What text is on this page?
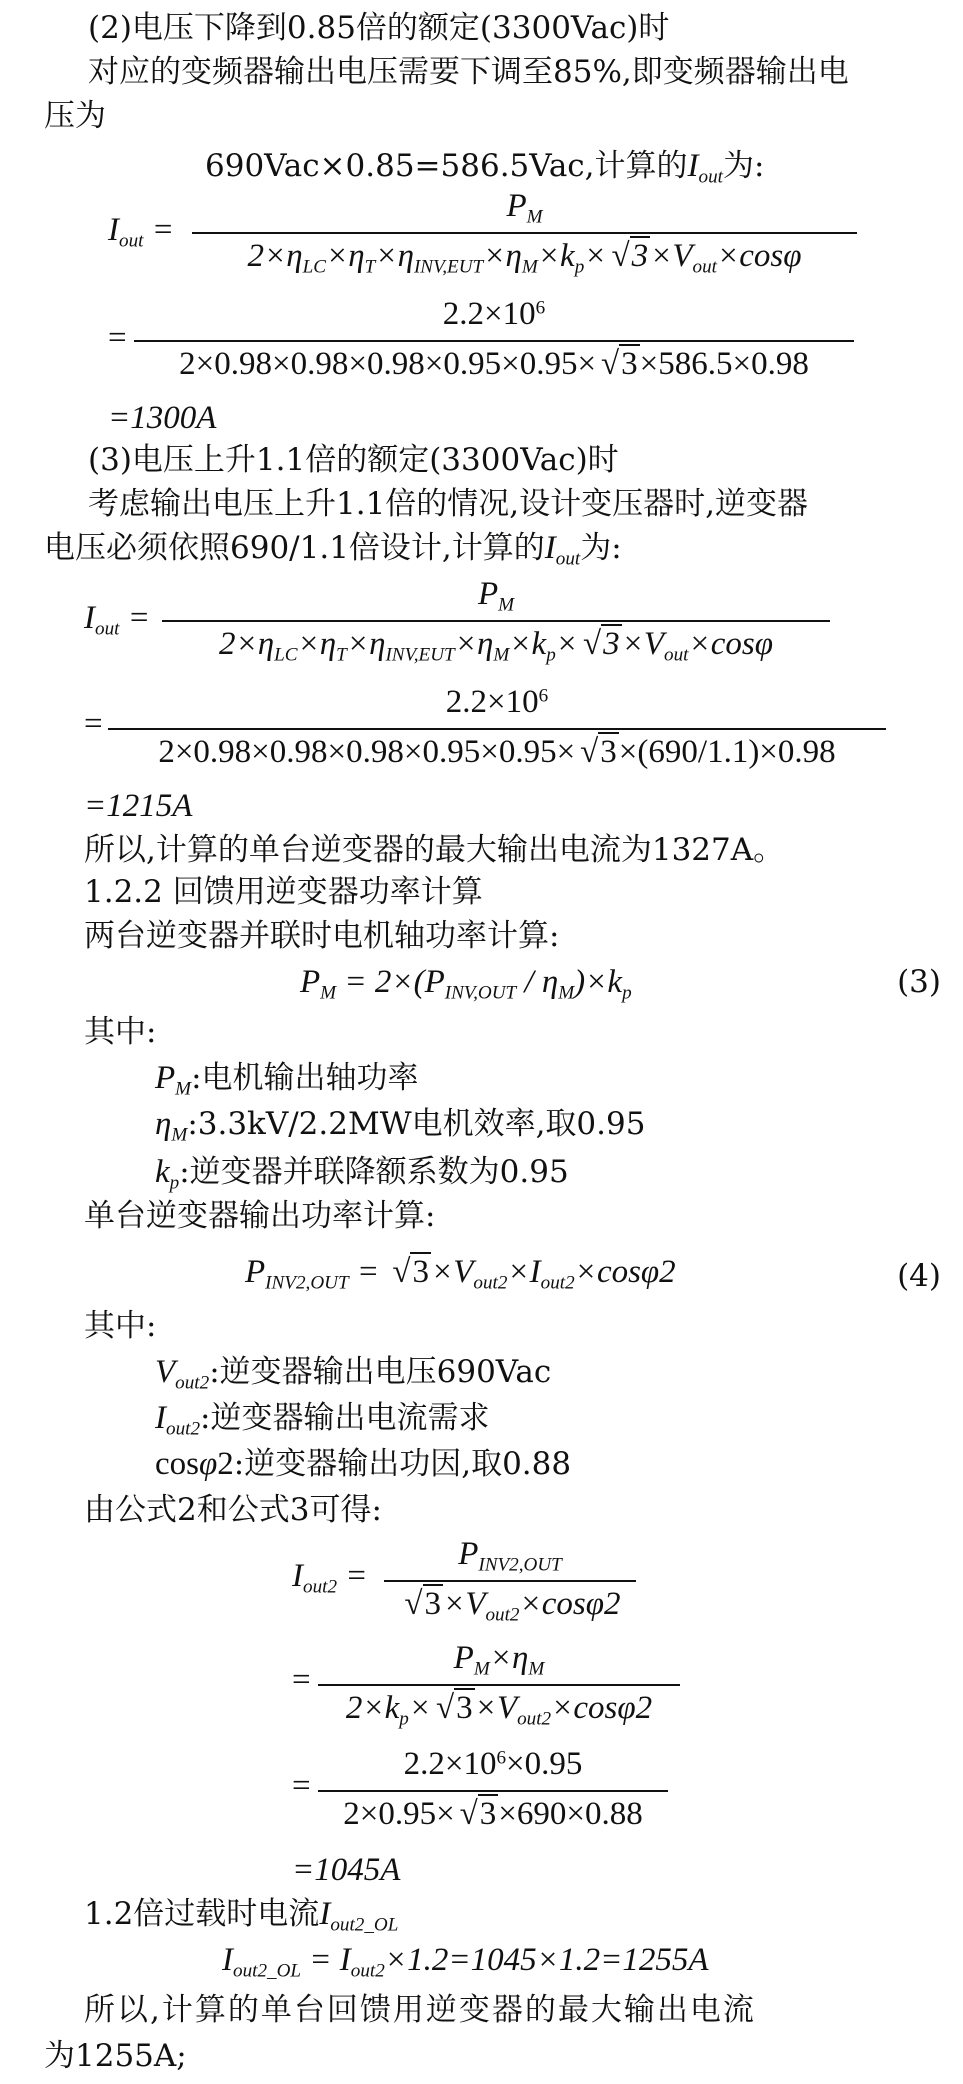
(2)电压下降到0.85倍的额定(3300Vac)时
对应的变频器输出电压需要下调至85%,即变频器输出电
压为
690Vac×0.85=586.5Vac,计算的$I_{out}$为:
$I_{out}$ =
$P_M$
$2\times\eta_{LC}\times\eta_T\times\eta_{INV,EUT}\times\eta_M\times k_p\times √3\times V_{out}\times\cos\varphi$
=
$2.2\times 10^6$
2×0.98×0.98×0.98×0.95×0.95× √3×586.5×0.98
=1300A
(3)电压上升1.1倍的额定(3300Vac)时
考虑输出电压上升1.1倍的情况,设计变压器时,逆变器
电压必须依照690/1.1倍设计,计算的$I_{out}$为:
$I_{out}$ =
$P_M$
$2\times\eta_{LC}\times\eta_T\times\eta_{INV,EUT}\times\eta_M\times k_p\times √3\times V_{out}\times\cos\varphi$
=
$2.2\times 10^6$
2×0.98×0.98×0.98×0.95×0.95× √3×(690/1.1)×0.98
=1215A
所以,计算的单台逆变器的最大输出电流为1327A。
1.2.2 回馈用逆变器功率计算
两台逆变器并联时电机轴功率计算:
$P_M = 2\times(P_{INV,OUT} / \eta_M)\times k_p$	(3)
其中:
$P_M$:电机输出轴功率
$\eta_M:3.3kV/2.2MW$电机效率,取0.95
$k_p$:逆变器并联降额系数为0.95
单台逆变器输出功率计算:
$P_{INV2,OUT} = √3\times V_{out2}\times I_{out2}\times\cos\varphi 2$	(4)
其中:
$V_{out2}$:逆变器输出电压690Vac
$I_{out2}$:逆变器输出电流需求
cosφ2:逆变器输出功因,取0.88
由公式2和公式3可得:
$I_{out2}$ =
$P_{INV2,OUT}$
$√3\times V_{out2}\times\cos\varphi 2$
=
$P_M\times\eta_M$
$2\times k_p\times √3\times V_{out2}\times\cos\varphi 2$
=
$2.2\times 10^6\times 0.95$
2×0.95× √3×690×0.88
=1045A
1.2倍过载时电流$I_{out2\_OL}$
$I_{out2\_OL} = I_{out2}\times 1.2=1045\times 1.2=1255A$
所以,计算的单台回馈用逆变器的最大输出电流
为1255A;
